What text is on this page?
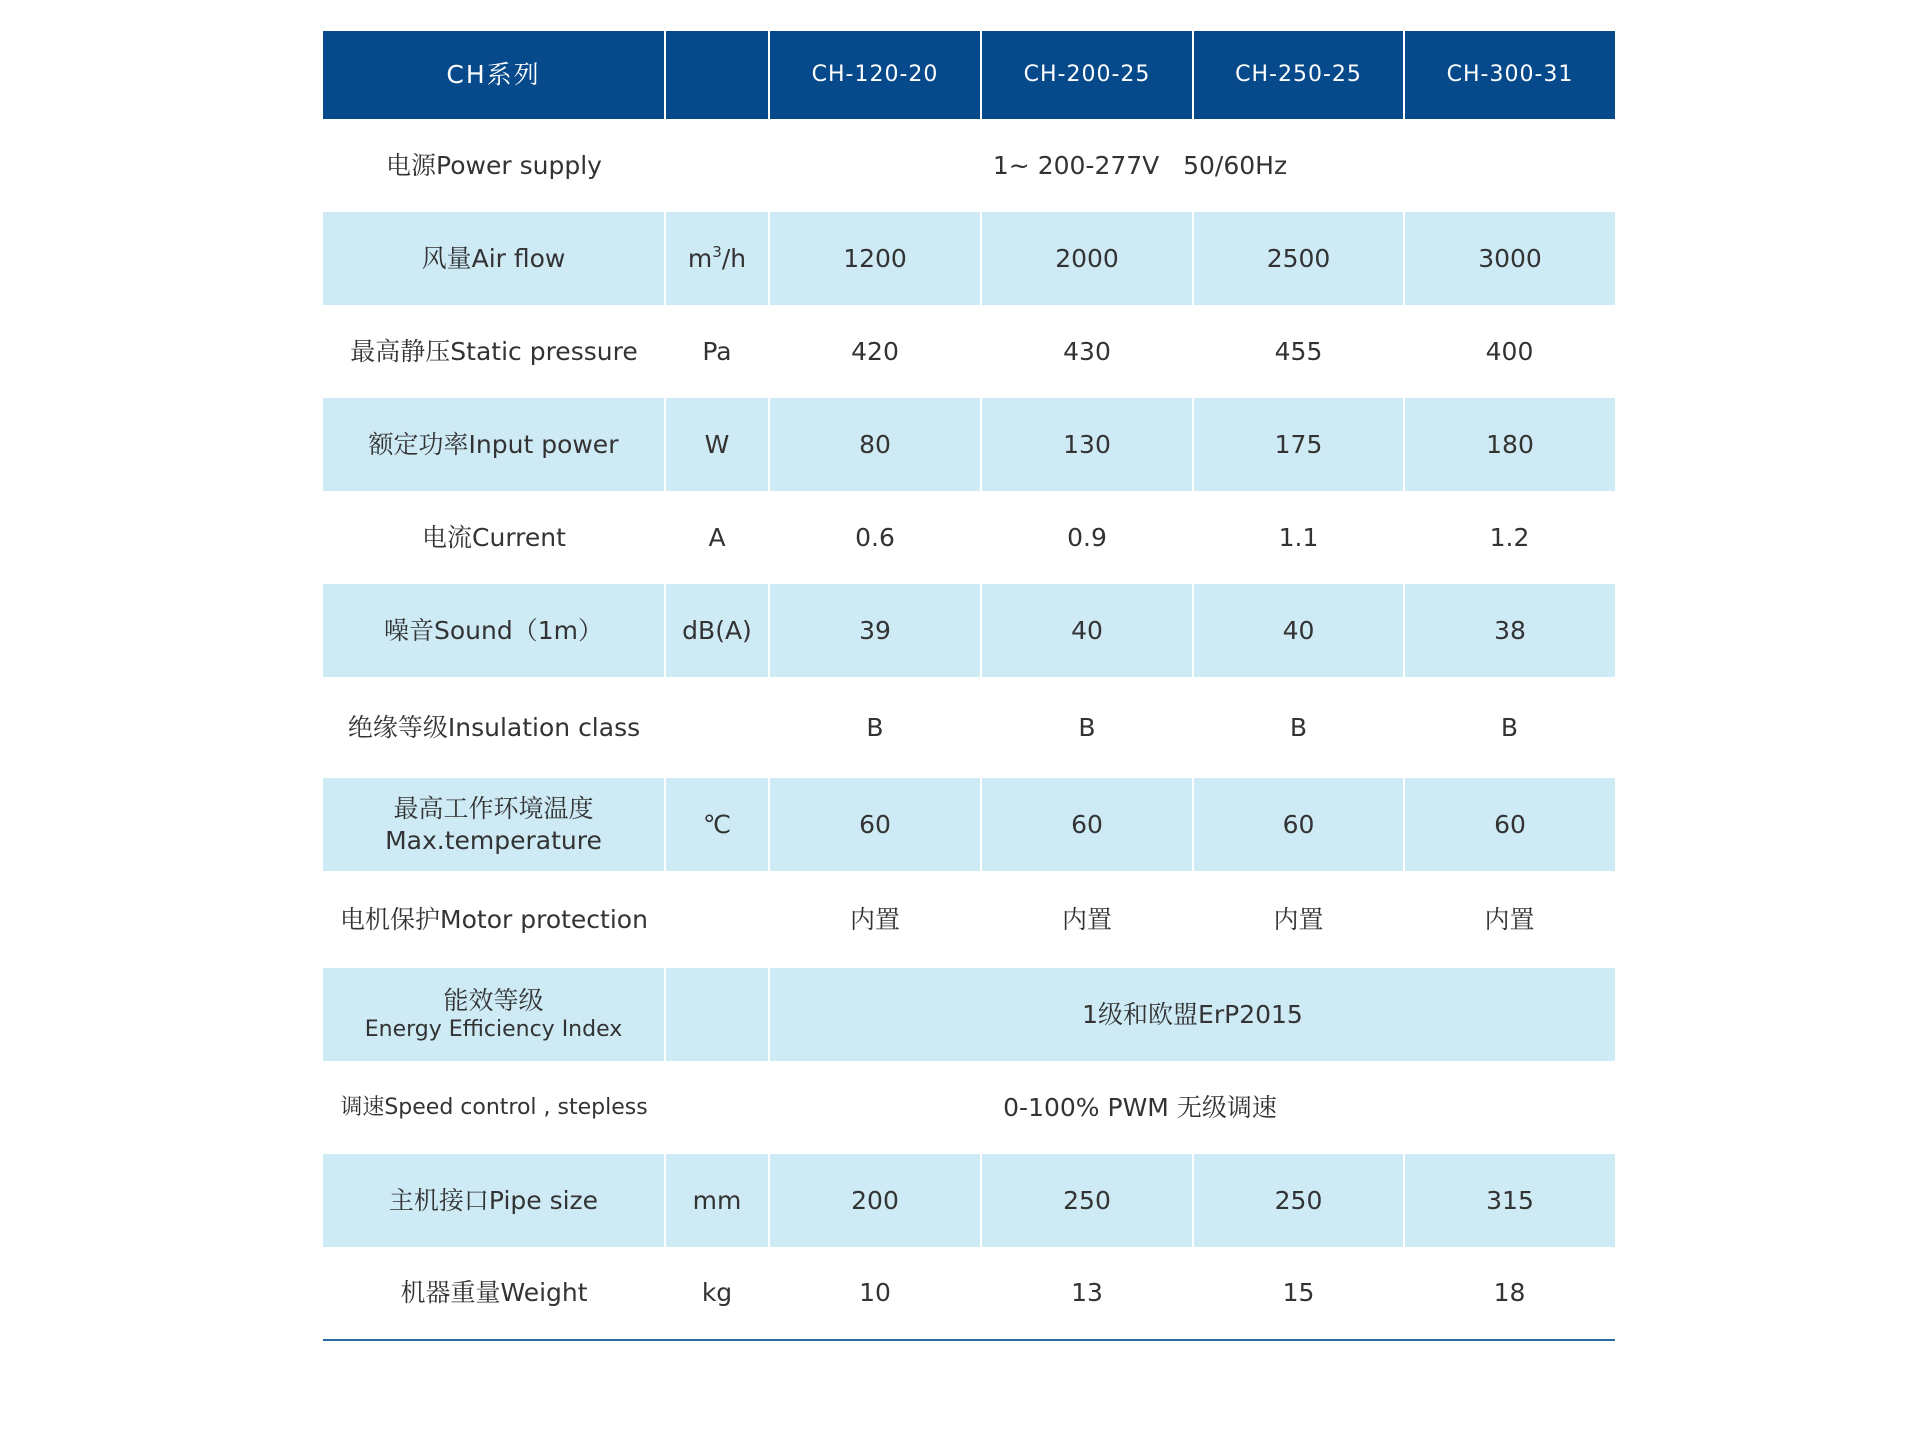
CH系列		CH-120-20	CH-200-25	CH-250-25	CH-300-31
电源Power supply	1~ 200-277V   50/60Hz				
风量Air flow	$m^3/h$	1200	2000	2500	3000
最高静压Static pressure	Pa	420	430	455	400
额定功率Input power	W	80	130	175	180
电流Current	A	0.6	0.9	1.1	1.2
噪音Sound（1m）	dB(A)	39	40	40	38
绝缘等级Insulation class		B	B	B	B

最高工作环境温度
Max.temperature	℃	60	60	60	60
电机保护Motor protection		内置	内置	内置	内置

能效等级
Energy Efficiency Index		1级和欧盟ErP2015			
调速Speed control , stepless	0-100% PWM 无级调速				
主机接口Pipe size	mm	200	250	250	315
机器重量Weight	kg	10	13	15	18
